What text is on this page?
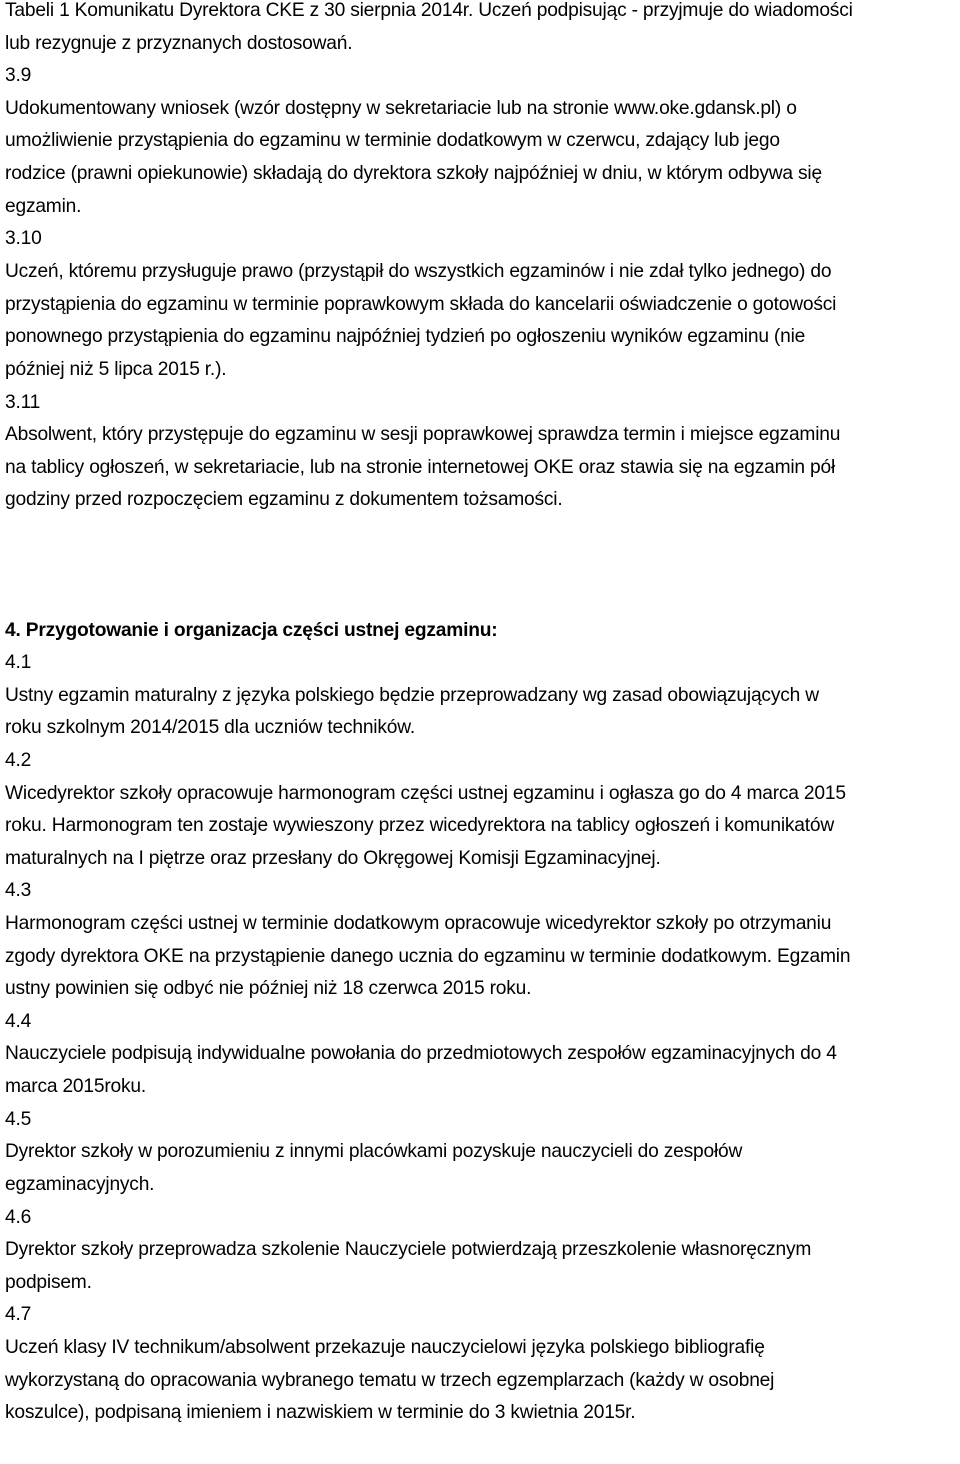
Tabeli 1 Komunikatu Dyrektora CKE z 30 sierpnia 2014r. Uczeń podpisując - przyjmuje do wiadomości
lub rezygnuje z przyznanych dostosowań.
3.9
Udokumentowany wniosek (wzór dostępny w sekretariacie lub na stronie www.oke.gdansk.pl) o
umożliwienie przystąpienia do egzaminu w terminie dodatkowym w czerwcu, zdający lub jego
rodzice (prawni opiekunowie) składają do dyrektora szkoły najpóźniej w dniu, w którym odbywa się
egzamin.
3.10
Uczeń, któremu przysługuje prawo (przystąpił do wszystkich egzaminów i nie zdał tylko jednego) do
przystąpienia do egzaminu w terminie poprawkowym składa do kancelarii oświadczenie o gotowości
ponownego przystąpienia do egzaminu najpóźniej tydzień po ogłoszeniu wyników egzaminu (nie
później niż 5 lipca 2015 r.).
3.11
Absolwent, który przystępuje do egzaminu w sesji poprawkowej sprawdza termin i miejsce egzaminu
na tablicy ogłoszeń, w sekretariacie, lub na stronie internetowej OKE oraz stawia się na egzamin pół
godziny przed rozpoczęciem egzaminu z dokumentem tożsamości.
4. Przygotowanie i organizacja części ustnej egzaminu:
4.1
Ustny egzamin maturalny z języka polskiego będzie przeprowadzany wg zasad obowiązujących w
roku szkolnym 2014/2015 dla uczniów techników.
4.2
Wicedyrektor szkoły opracowuje harmonogram części ustnej egzaminu i ogłasza go do 4 marca 2015
roku. Harmonogram ten zostaje wywieszony przez wicedyrektora na tablicy ogłoszeń i komunikatów
maturalnych na I piętrze oraz przesłany do Okręgowej Komisji Egzaminacyjnej.
4.3
Harmonogram części ustnej w terminie dodatkowym opracowuje wicedyrektor szkoły po otrzymaniu
zgody dyrektora OKE na przystąpienie danego ucznia do egzaminu w terminie dodatkowym. Egzamin
ustny powinien się odbyć nie później niż 18 czerwca 2015 roku.
4.4
Nauczyciele podpisują indywidualne powołania do przedmiotowych zespołów egzaminacyjnych do 4
marca 2015roku.
4.5
Dyrektor szkoły w porozumieniu z innymi placówkami pozyskuje nauczycieli do zespołów
egzaminacyjnych.
4.6
Dyrektor szkoły przeprowadza szkolenie Nauczyciele potwierdzają przeszkolenie własnoręcznym
podpisem.
4.7
Uczeń klasy IV technikum/absolwent przekazuje nauczycielowi języka polskiego bibliografię
wykorzystaną do opracowania wybranego tematu w trzech egzemplarzach (każdy w osobnej
koszulce), podpisaną imieniem i nazwiskiem w terminie do 3 kwietnia 2015r.
